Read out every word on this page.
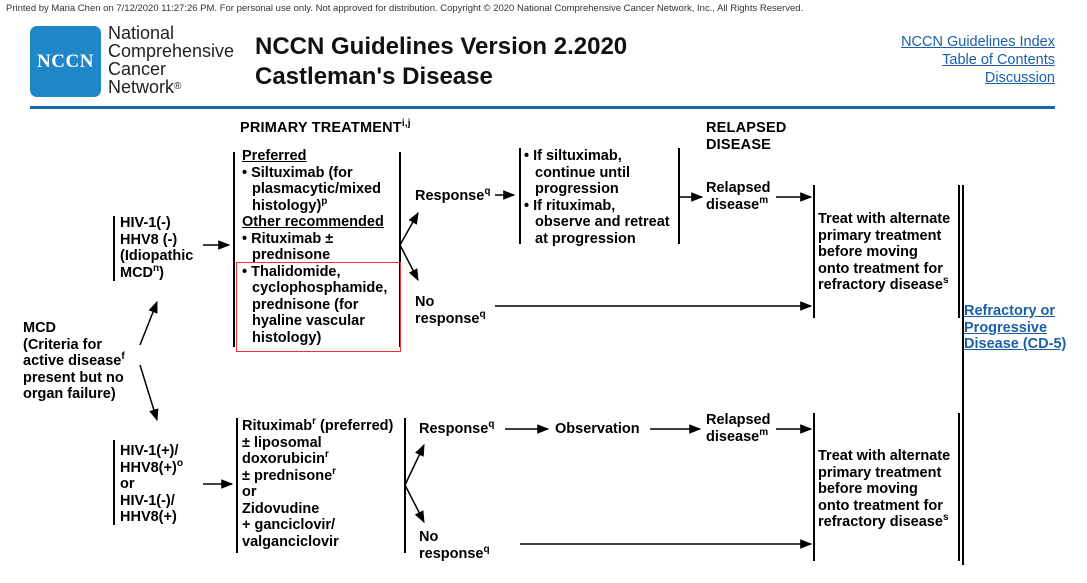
Printed by Maria Chen on 7/12/2020 11:27:26 PM. For personal use only. Not approved for distribution. Copyright © 2020 National Comprehensive Cancer Network, Inc., All Rights Reserved.
NCCN
National
Comprehensive
Cancer
Network®
NCCN Guidelines Version 2.2020
Castleman's Disease
NCCN Guidelines Index
Table of Contents
Discussion
PRIMARY TREATMENT$^{i,j}$	RELAPSED
DISEASE
MCD
(Criteria for
active disease$^f$
present but no
organ failure)
HIV-1(-)
HHV8 (-)
(Idiopathic
MCD$^n$)
HIV-1(+)/
$HHV8(+)^o$
or
HIV-1(-)/
HHV8(+)
Preferred
• Siltuximab (for
plasmacytic/mixed
histology)$^p$
Other recommended
• Rituximab ±
prednisone
• Thalidomide,
cyclophosphamide,
prednisone (for
hyaline vascular
histology)
Rituximab$^r$ (preferred)
± liposomal
doxorubicin$^r$
± prednisone$^r$
or
Zidovudine
+ ganciclovir/
valganciclovir
Response$^q$
No
response$^q$
Response$^q$
No
response$^q$
• If siltuximab,
continue until
progression
• If rituximab,
observe and retreat
at progression
Observation
Relapsed
disease$^m$
Relapsed
disease$^m$
Treat with alternate
primary treatment
before moving
onto treatment for
refractory disease$^s$
Treat with alternate
primary treatment
before moving
onto treatment for
refractory disease$^s$
Refractory or
Progressive
Disease (CD-5)
